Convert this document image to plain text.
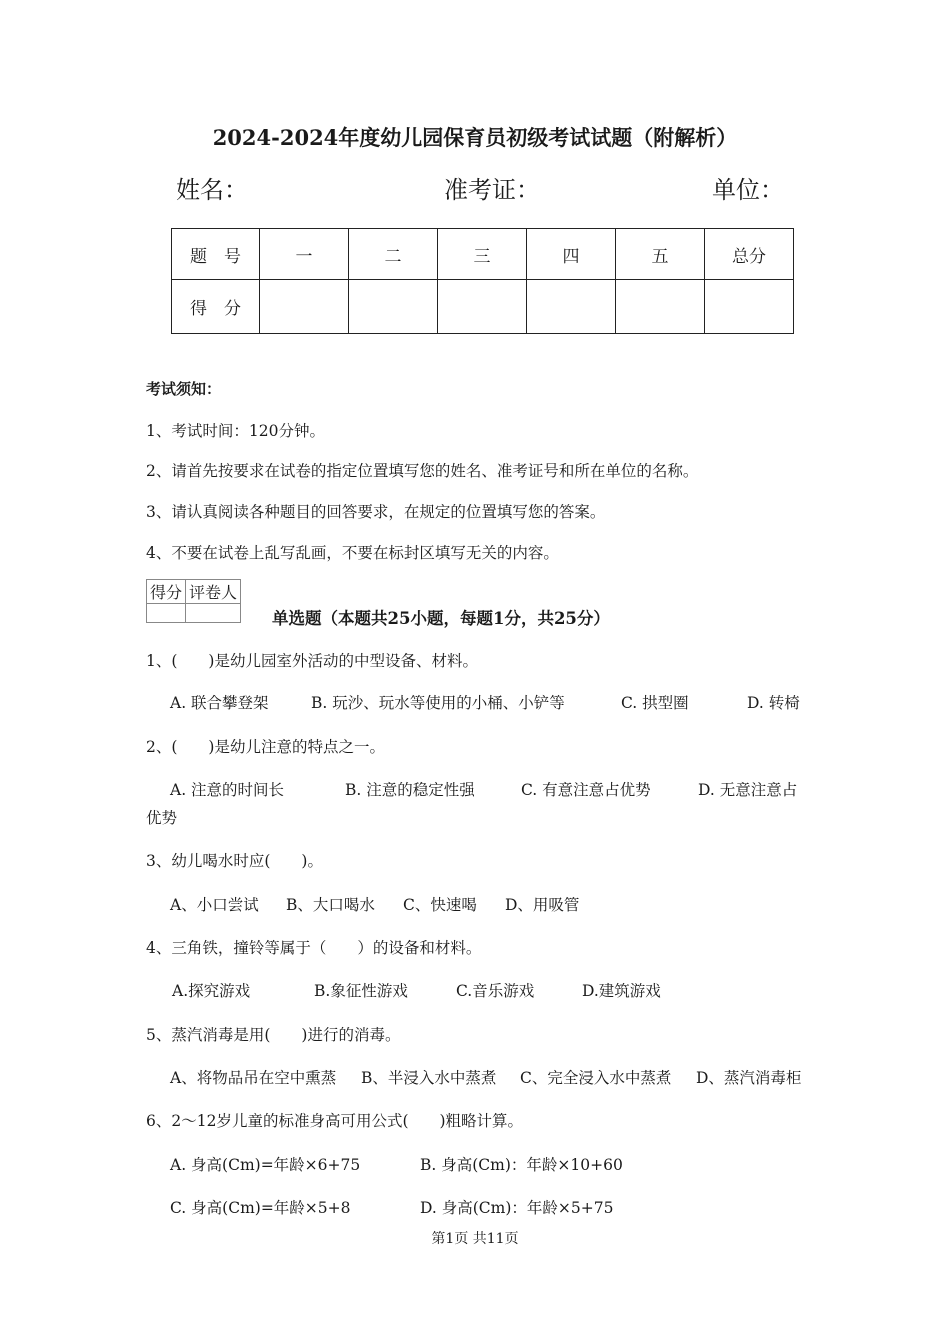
2024-2024年度幼儿园保育员初级考试试题（附解析）
姓名：	准考证：	单位：
题　号	一	二	三	四	五	总分
得　分						
考试须知：
1、考试时间：120分钟。
2、请首先按要求在试卷的指定位置填写您的姓名、准考证号和所在单位的名称。
3、请认真阅读各种题目的回答要求，在规定的位置填写您的答案。
4、不要在试卷上乱写乱画，不要在标封区填写无关的内容。
得分	评卷人

单选题（本题共25小题，每题1分，共25分）
1、(　　)是幼儿园室外活动的中型设备、材料。
A. 联合攀登架	B. 玩沙、玩水等使用的小桶、小铲等	C. 拱型圈	D. 转椅
2、(　　)是幼儿注意的特点之一。
A. 注意的时间长	B. 注意的稳定性强	C. 有意注意占优势	D. 无意注意占
优势
3、幼儿喝水时应(　　)。
A、小口尝试 B、大口喝水 C、快速喝 D、用吸管
4、三角铁，撞铃等属于（　　）的设备和材料。
A.探究游戏	B.象征性游戏	C.音乐游戏	D.建筑游戏
5、蒸汽消毒是用(　　)进行的消毒。
A、将物品吊在空中熏蒸 B、半浸入水中蒸煮 C、完全浸入水中蒸煮 D、蒸汽消毒柜
6、2～12岁儿童的标准身高可用公式(　　)粗略计算。
A. 身高(Cm)=年龄×6+75	B. 身高(Cm)：年龄×10+60
C. 身高(Cm)=年龄×5+8	D. 身高(Cm)：年龄×5+75
第1页 共11页
